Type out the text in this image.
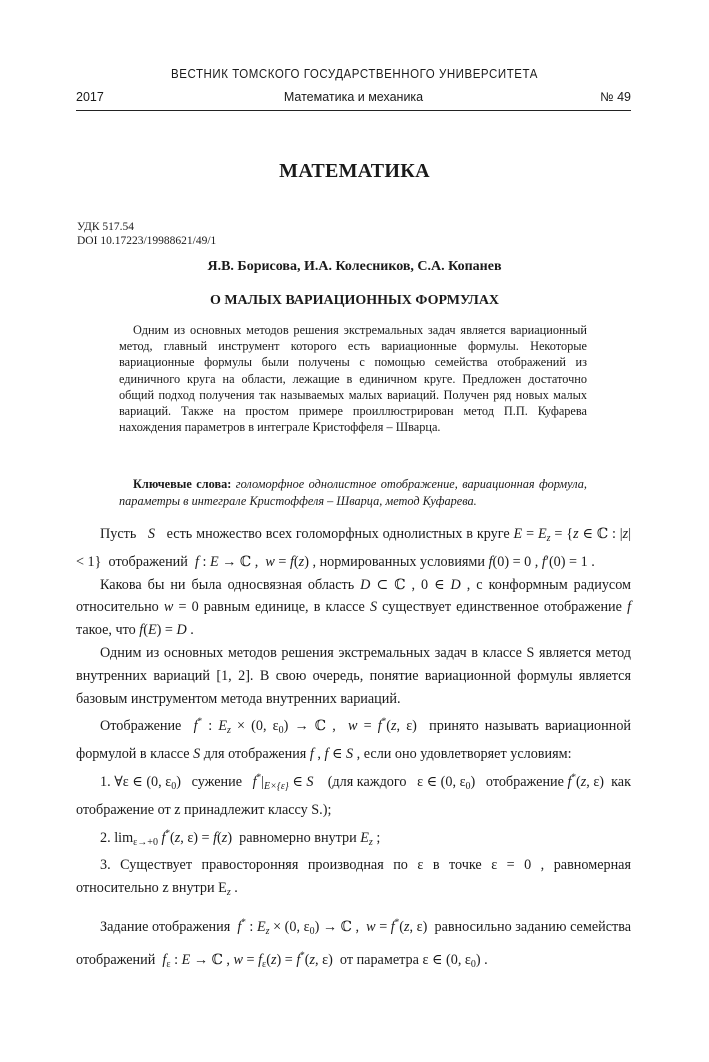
ВЕСТНИК ТОМСКОГО ГОСУДАРСТВЕННОГО УНИВЕРСИТЕТА
2017	Математика и механика	№ 49
МАТЕМАТИКА
УДК 517.54
DOI 10.17223/19988621/49/1
Я.В. Борисова, И.А. Колесников, С.А. Копанев
О МАЛЫХ ВАРИАЦИОННЫХ ФОРМУЛАХ
Одним из основных методов решения экстремальных задач является вариационный метод, главный инструмент которого есть вариационные формулы. Некоторые вариационные формулы были получены с помощью семейства отображений из единичного круга на области, лежащие в единичном круге. Предложен достаточно общий подход получения так называемых малых вариаций. Получен ряд новых малых вариаций. Также на простом примере проиллюстрирован метод П.П. Куфарева нахождения параметров в интеграле Кристоффеля – Шварца.
Ключевые слова: голоморфное однолистное отображение, вариационная формула, параметры в интеграле Кристоффеля – Шварца, метод Куфарева.

Пусть S есть множество всех голоморфных однолистных в круге $E = E_z = \{z$ ∈ ℂ : |z| < 1}  отображений f : E → ℂ ,  w = f(z) , нормированных условиями f(0) = 0 , f′(0) = 1 .

Какова бы ни была односвязная область D ⊂ ℂ , 0 ∈ D , с конформным радиусом относительно w = 0 равным единице, в классе S существует единственное отображение f такое, что f(E) = D .

Одним из основных методов решения экстремальных задач в классе S является метод внутренних вариаций [1, 2]. В свою очередь, понятие вариационной формулы является базовым инструментом метода внутренних вариаций.

Отображение f* : $E_z \times (0$, $\varepsilon_0$) → ℂ ,  w = f*(z, ε)  принято называть вариационной формулой в классе S для отображения f , f ∈ S , если оно удовлетворяет условиям:

1. ∀ε ∈ (0, $\varepsilon_0$)   сужение $f^*|_{E\times\{\varepsilon\}}$ ∈ S (для каждого   ε ∈ (0, $\varepsilon_0$)   отображение f*(z, ε)  как отображение от z принадлежит классу S.);

2. $\lim_{\varepsilon\to+0} f^*(z$, ε) = f(z)  равномерно внутри $E_z$ ;

3. Существует правосторонняя производная по ε в точке ε = 0 , равномерная относительно z внутри $E_z$ .

Задание отображения f* : $E_z \times (0$, $\varepsilon_0$) → ℂ ,  w = f*(z, ε)  равносильно заданию семейства отображений $f_\varepsilon$ : E → ℂ , $w = f_\varepsilon(z) = f^*(z$, ε)  от параметра ε ∈ (0, $\varepsilon_0$) .
